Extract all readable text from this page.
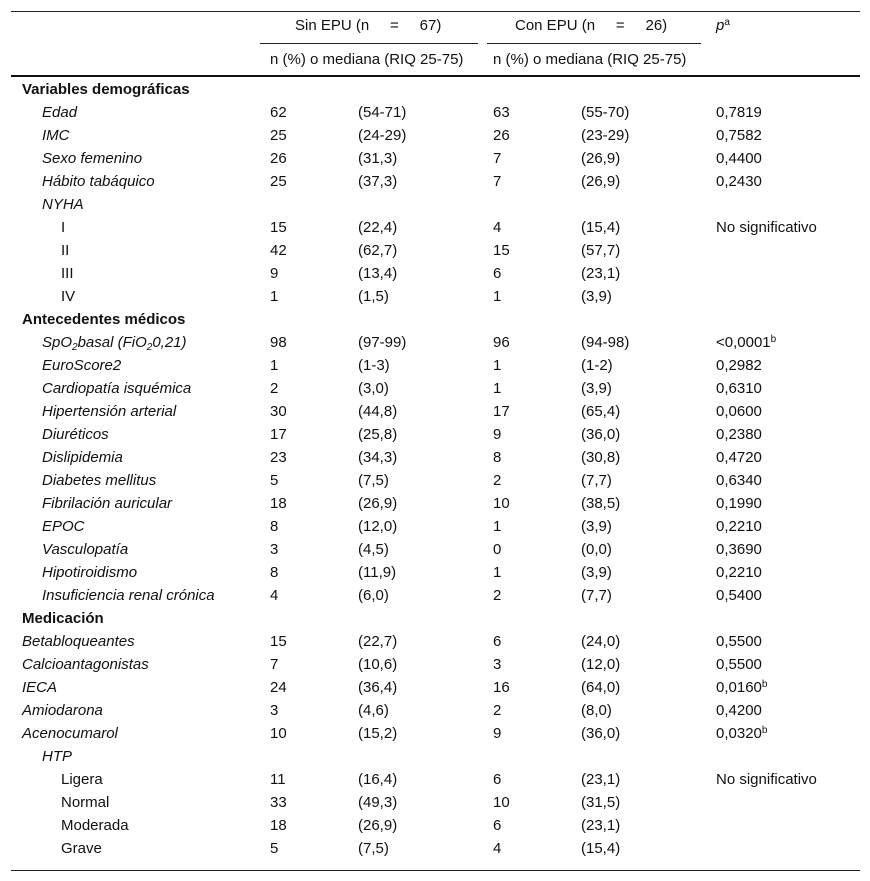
Sin EPU (n = 67)	Con EPU (n = 26)	$p^a$
n (%) o mediana (RIQ 25-75) n (%) o mediana (RIQ 25-75)
Variables demográficas
Edad	62	(54-71)	63	(55-70)	0,7819
IMC	25	(24-29)	26	(23-29)	0,7582
Sexo femenino	26	(31,3)	7	(26,9)	0,4400
Hábito tabáquico	25	(37,3)	7	(26,9)	0,2430
NYHA
I	15	(22,4)	4	(15,4)	No significativo
II	42	(62,7)	15	(57,7)
III	9	(13,4)	6	(23,1)
IV	1	(1,5)	1	(3,9)
Antecedentes médicos
SpO$_2$basal (FiO$_2$0,21)	98	(97-99)	96	(94-98)	<0,0001$^b$
EuroScore2	1	(1-3)	1	(1-2)	0,2982
Cardiopatía isquémica	2	(3,0)	1	(3,9)	0,6310
Hipertensión arterial	30	(44,8)	17	(65,4)	0,0600
Diuréticos	17	(25,8)	9	(36,0)	0,2380
Dislipidemia	23	(34,3)	8	(30,8)	0,4720
Diabetes mellitus	5	(7,5)	2	(7,7)	0,6340
Fibrilación auricular	18	(26,9)	10	(38,5)	0,1990
EPOC	8	(12,0)	1	(3,9)	0,2210
Vasculopatía	3	(4,5)	0	(0,0)	0,3690
Hipotiroidismo	8	(11,9)	1	(3,9)	0,2210
Insuficiencia renal crónica	4	(6,0)	2	(7,7)	0,5400
Medicación
Betabloqueantes	15	(22,7)	6	(24,0)	0,5500
Calcioantagonistas	7	(10,6)	3	(12,0)	0,5500
IECA	24	(36,4)	16	(64,0)	0,0160$^b$
Amiodarona	3	(4,6)	2	(8,0)	0,4200
Acenocumarol	10	(15,2)	9	(36,0)	0,0320$^b$
HTP
Ligera	11	(16,4)	6	(23,1)	No significativo
Normal	33	(49,3)	10	(31,5)
Moderada	18	(26,9)	6	(23,1)
Grave	5	(7,5)	4	(15,4)
